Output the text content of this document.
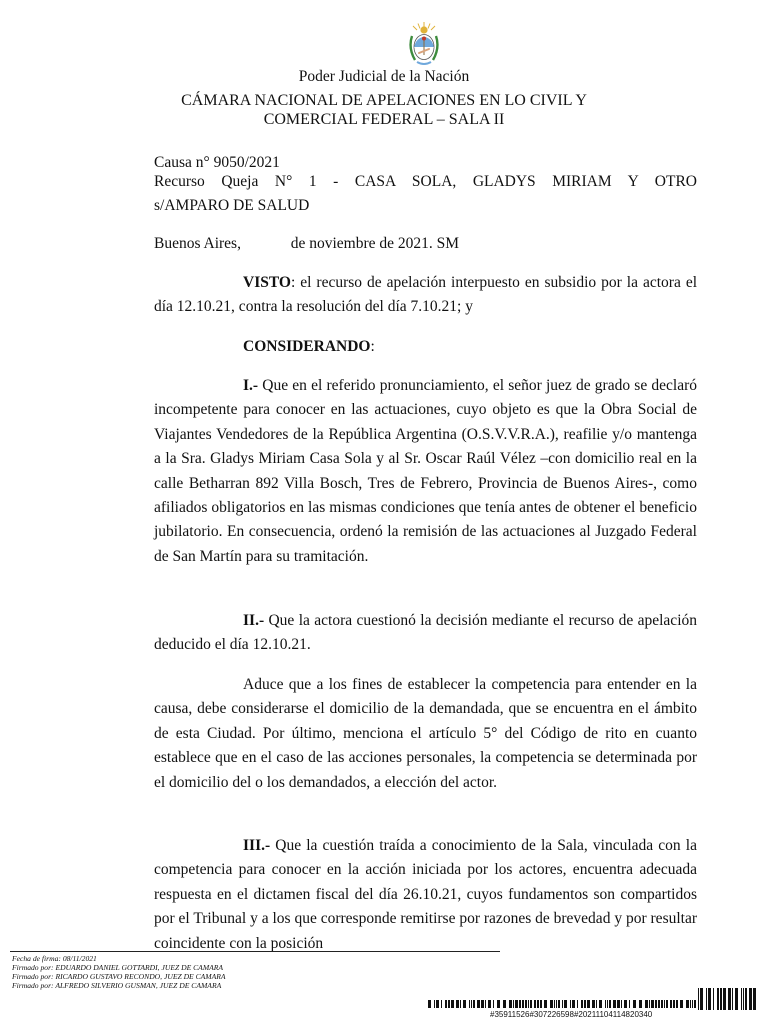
Poder Judicial de la Nación
CÁMARA NACIONAL DE APELACIONES EN LO CIVIL Y
COMERCIAL FEDERAL – SALA II
Causa n° 9050/2021
Recurso Queja N° 1 - CASA SOLA, GLADYS MIRIAM Y OTRO
s/AMPARO DE SALUD
Buenos Aires,	de noviembre de 2021. SM
VISTO: el recurso de apelación interpuesto en subsidio por la actora el día 12.10.21, contra la resolución del día 7.10.21; y
CONSIDERANDO:
I.- Que en el referido pronunciamiento, el señor juez de grado se declaró incompetente para conocer en las actuaciones, cuyo objeto es que la Obra Social de Viajantes Vendedores de la República Argentina (O.S.V.V.R.A.), reafilie y/o mantenga a la Sra. Gladys Miriam Casa Sola y al Sr. Oscar Raúl Vélez –con domicilio real en la calle Betharran 892 Villa Bosch, Tres de Febrero, Provincia de Buenos Aires-, como afiliados obligatorios en las mismas condiciones que tenía antes de obtener el beneficio jubilatorio. En consecuencia, ordenó la remisión de las actuaciones al Juzgado Federal de San Martín para su tramitación.
II.- Que la actora cuestionó la decisión mediante el recurso de apelación deducido el día 12.10.21.
Aduce que a los fines de establecer la competencia para entender en la causa, debe considerarse el domicilio de la demandada, que se encuentra en el ámbito de esta Ciudad. Por último, menciona el artículo 5° del Código de rito en cuanto establece que en el caso de las acciones personales, la competencia se determinada por el domicilio del o los demandados, a elección del actor.
III.- Que la cuestión traída a conocimiento de la Sala, vinculada con la competencia para conocer en la acción iniciada por los actores, encuentra adecuada respuesta en el dictamen fiscal del día 26.10.21, cuyos fundamentos son compartidos por el Tribunal y a los que corresponde remitirse por razones de brevedad y por resultar coincidente con la posición
Fecha de firma: 08/11/2021
Firmado por: EDUARDO DANIEL GOTTARDI, JUEZ DE CAMARA
Firmado por: RICARDO GUSTAVO RECONDO, JUEZ DE CAMARA
Firmado por: ALFREDO SILVERIO GUSMAN, JUEZ DE CAMARA
#35911526#307226598#20211104114820340
